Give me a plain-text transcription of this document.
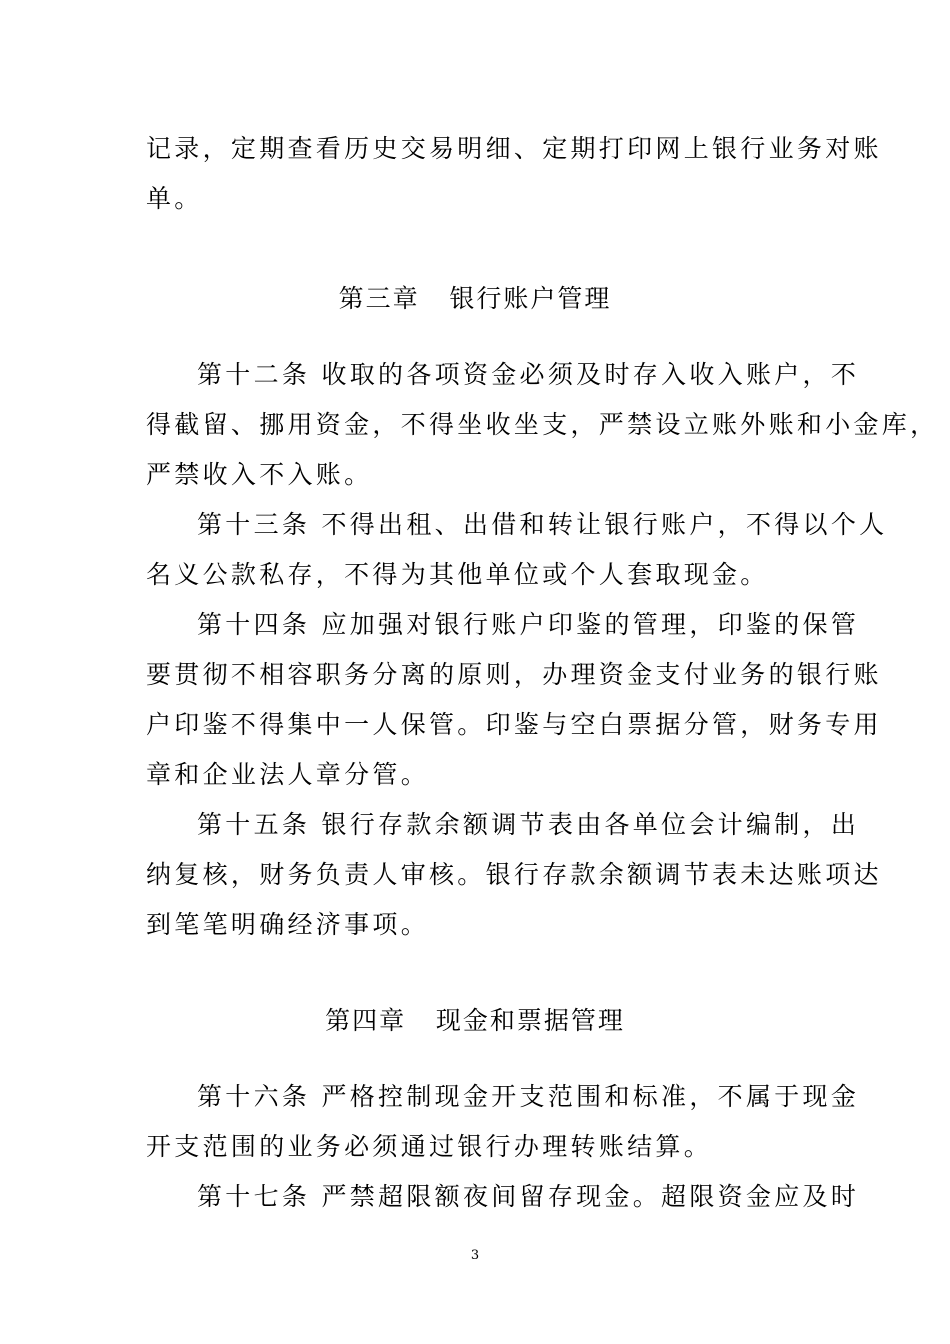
记录，定期查看历史交易明细、定期打印网上银行业务对账
单。
第三章   银行账户管理
第十二条 收取的各项资金必须及时存入收入账户，不
得截留、挪用资金，不得坐收坐支，严禁设立账外账和小金库，
严禁收入不入账。
第十三条 不得出租、出借和转让银行账户，不得以个人
名义公款私存，不得为其他单位或个人套取现金。
第十四条 应加强对银行账户印鉴的管理，印鉴的保管
要贯彻不相容职务分离的原则，办理资金支付业务的银行账
户印鉴不得集中一人保管。印鉴与空白票据分管，财务专用
章和企业法人章分管。
第十五条 银行存款余额调节表由各单位会计编制，出
纳复核，财务负责人审核。银行存款余额调节表未达账项达
到笔笔明确经济事项。
第四章   现金和票据管理
第十六条 严格控制现金开支范围和标准，不属于现金
开支范围的业务必须通过银行办理转账结算。
第十七条 严禁超限额夜间留存现金。超限资金应及时
3
